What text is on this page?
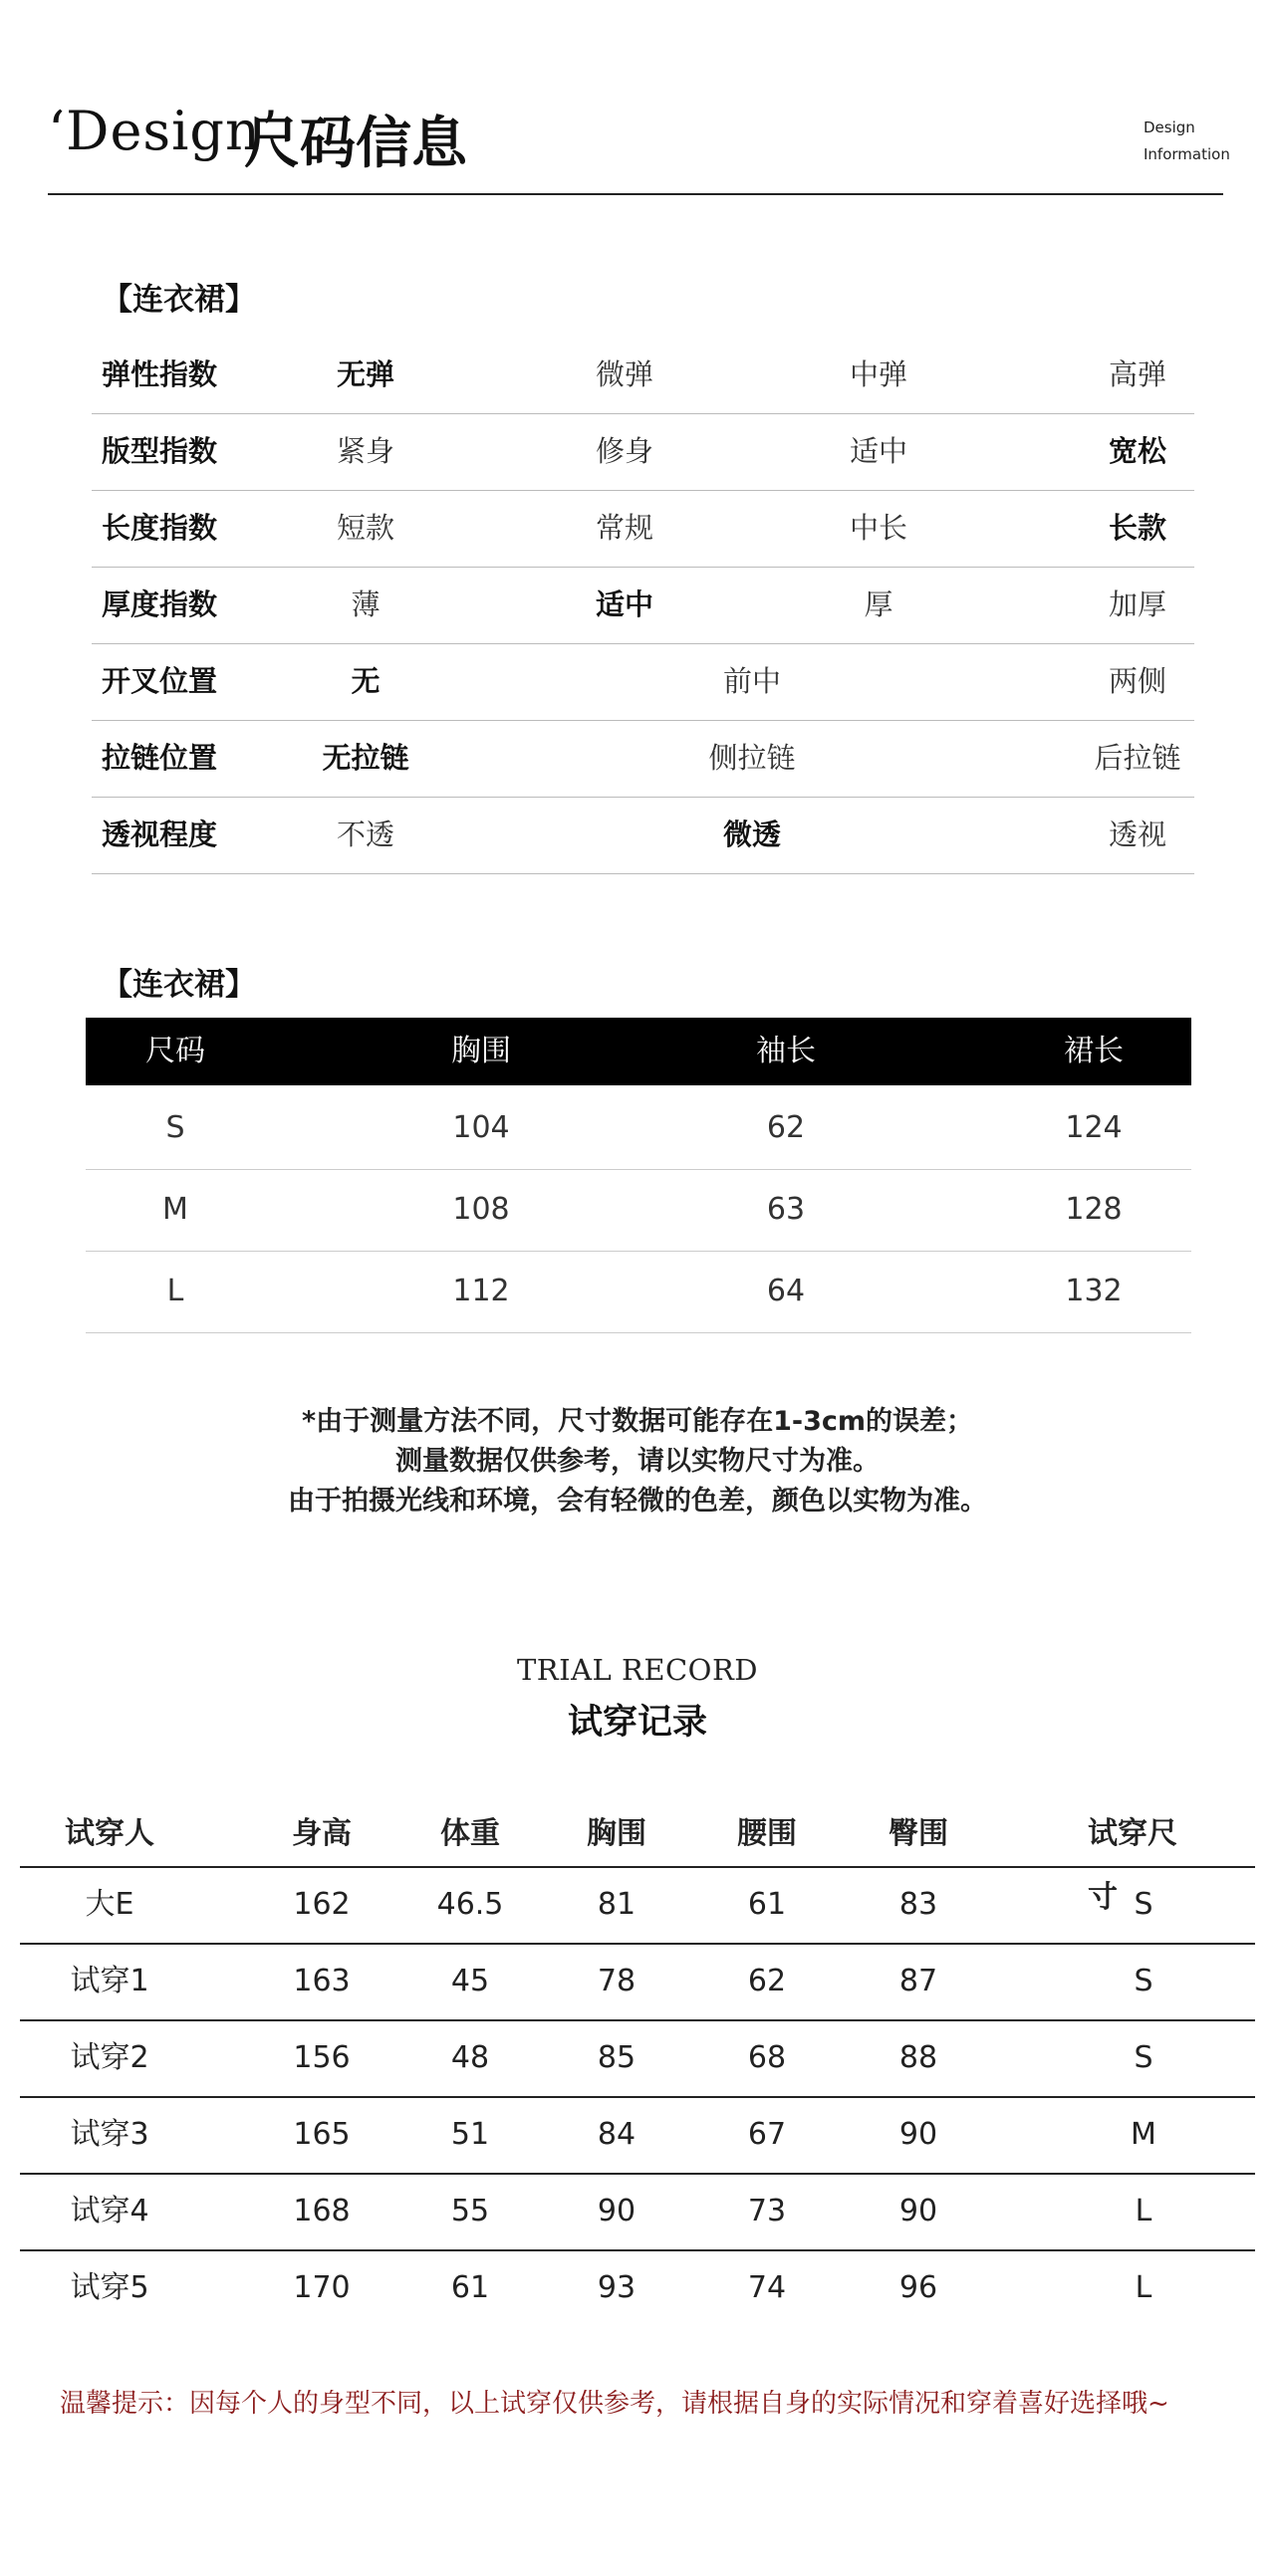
‘Design’
尺码信息	Design
Information
【连衣裙】
弹性指数	无弹	微弹	中弹	高弹
版型指数	紧身	修身	适中	宽松
长度指数	短款	常规	中长	长款
厚度指数	薄	适中	厚	加厚
开叉位置	无	前中	两侧
拉链位置	无拉链	侧拉链	后拉链
透视程度	不透	微透	透视
【连衣裙】
尺码	胸围	袖长	裙长
S	104	62	124
M	108	63	128
L	112	64	132
*由于测量方法不同，尺寸数据可能存在1-3cm的误差；
测量数据仅供参考，请以实物尺寸为准。
由于拍摄光线和环境，会有轻微的色差，颜色以实物为准。
TRIAL RECORD
试穿记录
试穿人	身高	体重	胸围	腰围	臀围	试穿尺寸
大E	162	46.5	81	61	83	S
试穿1	163	45	78	62	87	S
试穿2	156	48	85	68	88	S
试穿3	165	51	84	67	90	M
试穿4	168	55	90	73	90	L
试穿5	170	61	93	74	96	L
温馨提示：因每个人的身型不同，以上试穿仅供参考，请根据自身的实际情况和穿着喜好选择哦~
